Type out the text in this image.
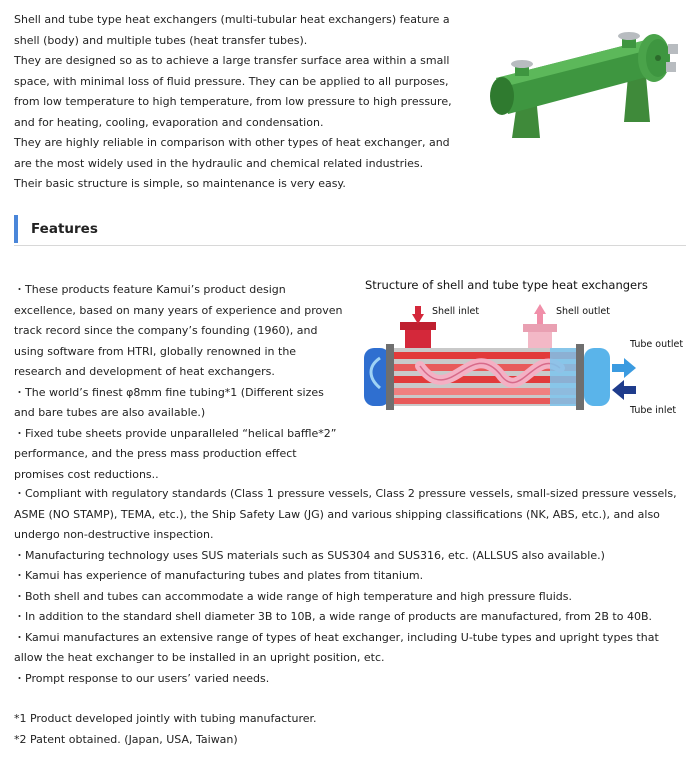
Shell and tube type heat exchangers (multi-tubular heat exchangers) feature a shell (body) and multiple tubes (heat transfer tubes).

They are designed so as to achieve a large transfer surface area within a small space, with minimal loss of fluid pressure. They can be applied to all purposes, from low temperature to high temperature, from low pressure to high pressure, and for heating, cooling, evaporation and condensation.

They are highly reliable in comparison with other types of heat exchanger, and are the most widely used in the hydraulic and chemical related industries.

Their basic structure is simple, so maintenance is very easy.

Features

・These products feature Kamui’s product design excellence, based on many years of experience and proven track record since the company’s founding (1960), and using software from HTRI, globally renowned in the research and development of heat exchangers.

・The world’s finest φ8mm fine tubing*1 (Different sizes and bare tubes are also available.)

・Fixed tube sheets provide unparalleled “helical baffle*2” performance, and the press mass production effect promises cost reductions..

Structure of shell and tube type heat exchangers
Shell inlet	Shell outlet
Tube outlet
Tube inlet

・Compliant with regulatory standards (Class 1 pressure vessels, Class 2 pressure vessels, small-sized pressure vessels, ASME (NO STAMP), TEMA, etc.), the Ship Safety Law (JG) and various shipping classifications (NK, ABS, etc.), and also undergo non-destructive inspection.

・Manufacturing technology uses SUS materials such as SUS304 and SUS316, etc. (ALLSUS also available.)

・Kamui has experience of manufacturing tubes and plates from titanium.

・Both shell and tubes can accommodate a wide range of high temperature and high pressure fluids.

・In addition to the standard shell diameter 3B to 10B, a wide range of products are manufactured, from 2B to 40B.

・Kamui manufactures an extensive range of types of heat exchanger, including U-tube types and upright types that allow the heat exchanger to be installed in an upright position, etc.

・Prompt response to our users’ varied needs.

*1 Product developed jointly with tubing manufacturer.

*2 Patent obtained. (Japan, USA, Taiwan)
